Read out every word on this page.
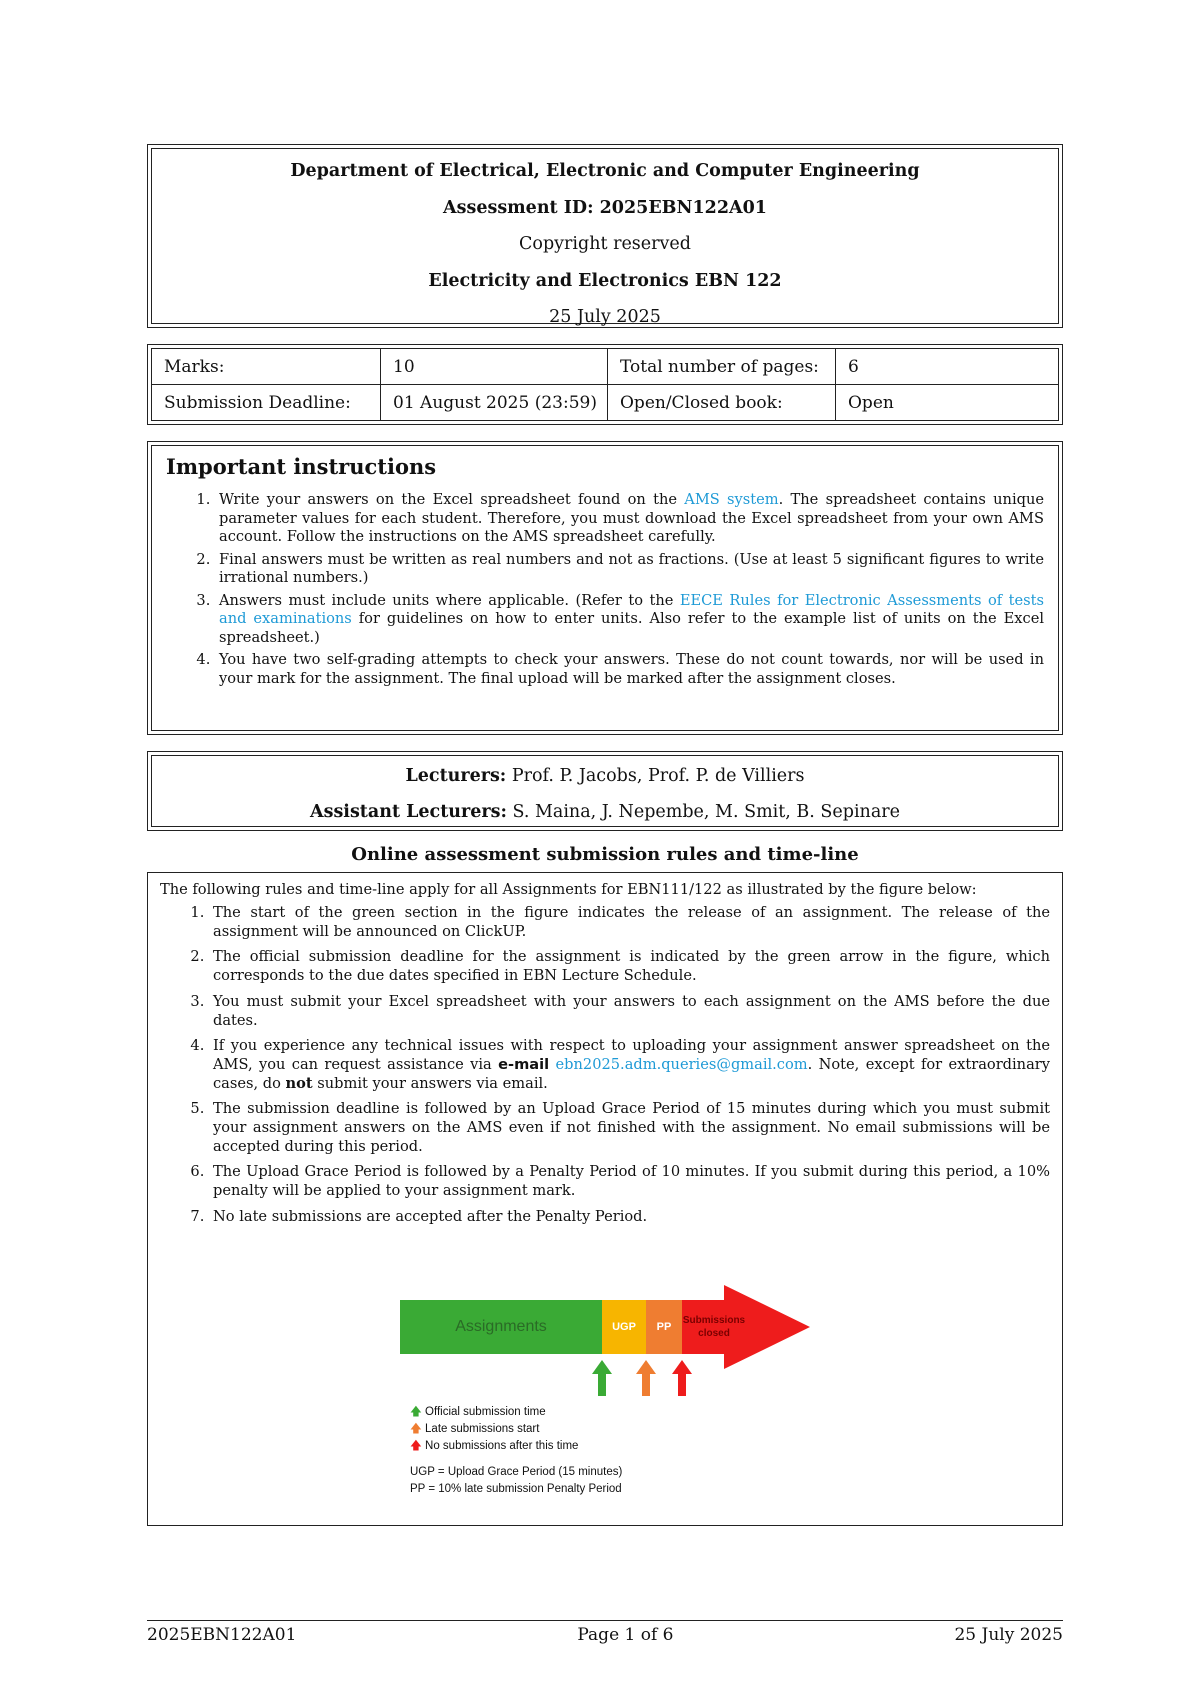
Department of Electrical, Electronic and Computer Engineering
Assessment ID: 2025EBN122A01
Copyright reserved
Electricity and Electronics EBN 122
25 July 2025
Marks:	10	Total number of pages:	6
Submission Deadline:	01 August 2025 (23:59)	Open/Closed book:	Open
Important instructions
1. Write your answers on the Excel spreadsheet found on the AMS system. The spreadsheet contains unique parameter values for each student. Therefore, you must download the Excel spreadsheet from your own AMS account. Follow the instructions on the AMS spreadsheet carefully.
2. Final answers must be written as real numbers and not as fractions. (Use at least 5 significant figures to write irrational numbers.)
3. Answers must include units where applicable. (Refer to the EECE Rules for Electronic Assessments of tests and examinations for guidelines on how to enter units. Also refer to the example list of units on the Excel spreadsheet.)
4. You have two self-grading attempts to check your answers. These do not count towards, nor will be used in your mark for the assignment. The final upload will be marked after the assignment closes.
Lecturers: Prof. P. Jacobs, Prof. P. de Villiers
Assistant Lecturers: S. Maina, J. Nepembe, M. Smit, B. Sepinare
Online assessment submission rules and time-line
The following rules and time-line apply for all Assignments for EBN111/122 as illustrated by the figure below:
1. The start of the green section in the figure indicates the release of an assignment. The release of the assignment will be announced on ClickUP.
2. The official submission deadline for the assignment is indicated by the green arrow in the figure, which corresponds to the due dates specified in EBN Lecture Schedule.
3. You must submit your Excel spreadsheet with your answers to each assignment on the AMS before the due dates.
4. If you experience any technical issues with respect to uploading your assignment answer spreadsheet on the AMS, you can request assistance via e-mail ebn2025.adm.queries@gmail.com. Note, except for extraordinary cases, do not submit your answers via email.
5. The submission deadline is followed by an Upload Grace Period of 15 minutes during which you must submit your assignment answers on the AMS even if not finished with the assignment. No email submissions will be accepted during this period.
6. The Upload Grace Period is followed by a Penalty Period of 10 minutes. If you submit during this period, a 10% penalty will be applied to your assignment mark.
7. No late submissions are accepted after the Penalty Period.
Assignments	UGP PP
Submissions
closed
🡅 Official submission time
🡅 Late submissions start
🡅 No submissions after this time
UGP = Upload Grace Period (15 minutes)
PP = 10% late submission Penalty Period
2025EBN122A01	Page 1 of 6	25 July 2025
